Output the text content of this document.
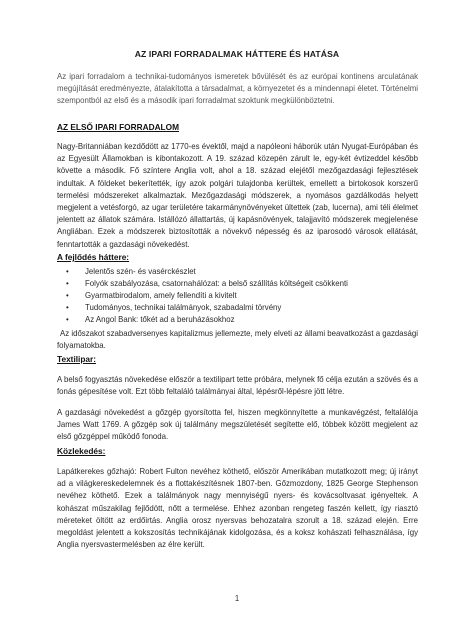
AZ IPARI FORRADALMAK HÁTTERE ÉS HATÁSA
Az ipari forradalom a technikai-tudományos ismeretek bővülését és az európai kontinens arculatának megújítását eredményezte, átalakította a társadalmat, a környezetet és a mindennapi életet. Történelmi szempontból az első és a második ipari forradalmat szoktunk megkülönböztetni.
AZ ELSŐ IPARI FORRADALOM
Nagy-Britanniában kezdődött az 1770-es évektől, majd a napóleoni háborúk után Nyugat-Európában és az Egyesült Államokban is kibontakozott. A 19. század közepén zárult le, egy-két évtizeddel később követte a második. Fő színtere Anglia volt, ahol a 18. század elejétől mezőgazdasági fejlesztések indultak. A földeket bekerítették, így azok polgári tulajdonba kerültek, emellett a birtokosok korszerű termelési módszereket alkalmaztak. Mezőgazdasági módszerek, a nyomásos gazdálkodás helyett megjelent a vetésforgó, az ugar területére takarmánynövényeket ültettek (zab, lucerna), ami téli élelmet jelentett az állatok számára. Istállózó állattartás, új kapásnövények, talajjavító módszerek megjelenése Angliában. Ezek a módszerek biztosították a növekvő népesség és az iparosodó városok ellátását, fenntartották a gazdasági növekedést.
A fejlődés háttere:
• Jelentős szén- és vasérckészlet
• Folyók szabályozása, csatornahálózat: a belső szállítás költségeit csökkenti
• Gyarmatbirodalom, amely fellendíti a kivitelt
• Tudományos, technikai találmányok, szabadalmi törvény
• Az Angol Bank: tőkét ad a beruházásokhoz
Az időszakot szabadversenyes kapitalizmus jellemezte, mely elveti az állami beavatkozást a gazdasági folyamatokba.
Textilipar:
A belső fogyasztás növekedése először a textilipart tette próbára, melynek fő célja ezután a szövés és a fonás gépesítése volt. Ezt több feltaláló találmányai által, lépésről-lépésre jött létre.
A gazdasági növekedést a gőzgép gyorsította fel, hiszen megkönnyítette a munkavégzést, feltalálója James Watt 1769. A gőzgép sok új találmány megszületését segítette elő, többek között megjelent az első gőzgéppel működő fonoda.
Közlekedés:
Lapátkerekes gőzhajó: Robert Fulton nevéhez köthető, először Amerikában mutatkozott meg; új irányt ad a világkereskedelemnek és a flottakészítésnek 1807-ben. Gőzmozdony, 1825 George Stephenson nevéhez köthető. Ezek a találmányok nagy mennyiségű nyers- és kovácsoltvasat igényeltek. A kohászat műszakilag fejlődött, nőtt a termelése. Ehhez azonban rengeteg faszén kellett, így riasztó méreteket öltött az erdőirtás. Anglia orosz nyersvas behozatalra szorult a 18. század elején. Erre megoldást jelentett a kokszosítás technikájának kidolgozása, és a koksz kohászati felhasználása, így Anglia nyersvastermelésben az élre került.
1
